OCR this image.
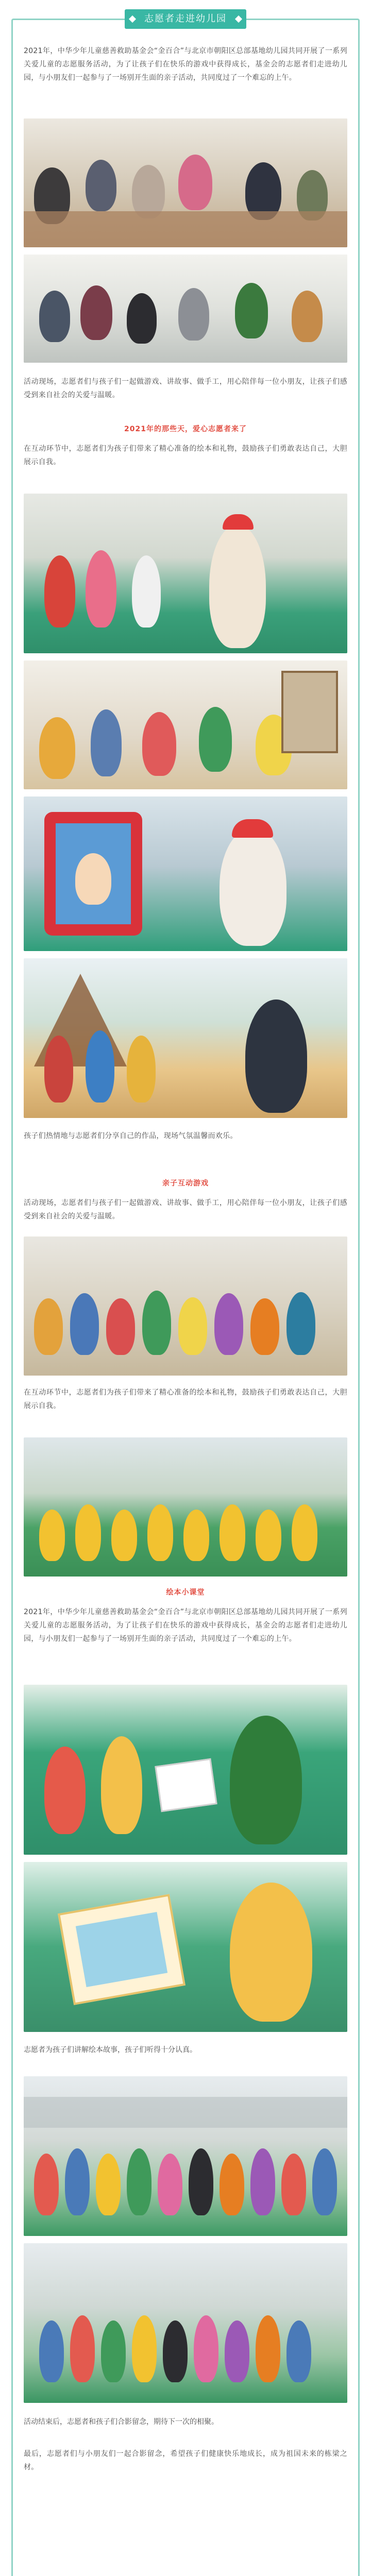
志愿者走进幼儿园
2021年，中华少年儿童慈善救助基金会“金百合”与北京市朝阳区总部基地幼儿园共同开展了一系列关爱儿童的志愿服务活动，为了让孩子们在快乐的游戏中获得成长，基金会的志愿者们走进幼儿园，与小朋友们一起参与了一场别开生面的亲子活动，共同度过了一个难忘的上午。
活动现场，志愿者们与孩子们一起做游戏、讲故事、做手工，用心陪伴每一位小朋友，让孩子们感受到来自社会的关爱与温暖。
2021年的那些天，爱心志愿者来了
在互动环节中，志愿者们为孩子们带来了精心准备的绘本和礼物，鼓励孩子们勇敢表达自己，大胆展示自我。
孩子们热情地与志愿者们分享自己的作品，现场气氛温馨而欢乐。
亲子互动游戏
活动现场，志愿者们与孩子们一起做游戏、讲故事、做手工，用心陪伴每一位小朋友，让孩子们感受到来自社会的关爱与温暖。
在互动环节中，志愿者们为孩子们带来了精心准备的绘本和礼物，鼓励孩子们勇敢表达自己，大胆展示自我。
绘本小课堂
2021年，中华少年儿童慈善救助基金会“金百合”与北京市朝阳区总部基地幼儿园共同开展了一系列关爱儿童的志愿服务活动，为了让孩子们在快乐的游戏中获得成长，基金会的志愿者们走进幼儿园，与小朋友们一起参与了一场别开生面的亲子活动，共同度过了一个难忘的上午。
志愿者为孩子们讲解绘本故事，孩子们听得十分认真。
活动结束后，志愿者和孩子们合影留念，期待下一次的相聚。
最后，志愿者们与小朋友们一起合影留念，希望孩子们健康快乐地成长，成为祖国未来的栋梁之材。
